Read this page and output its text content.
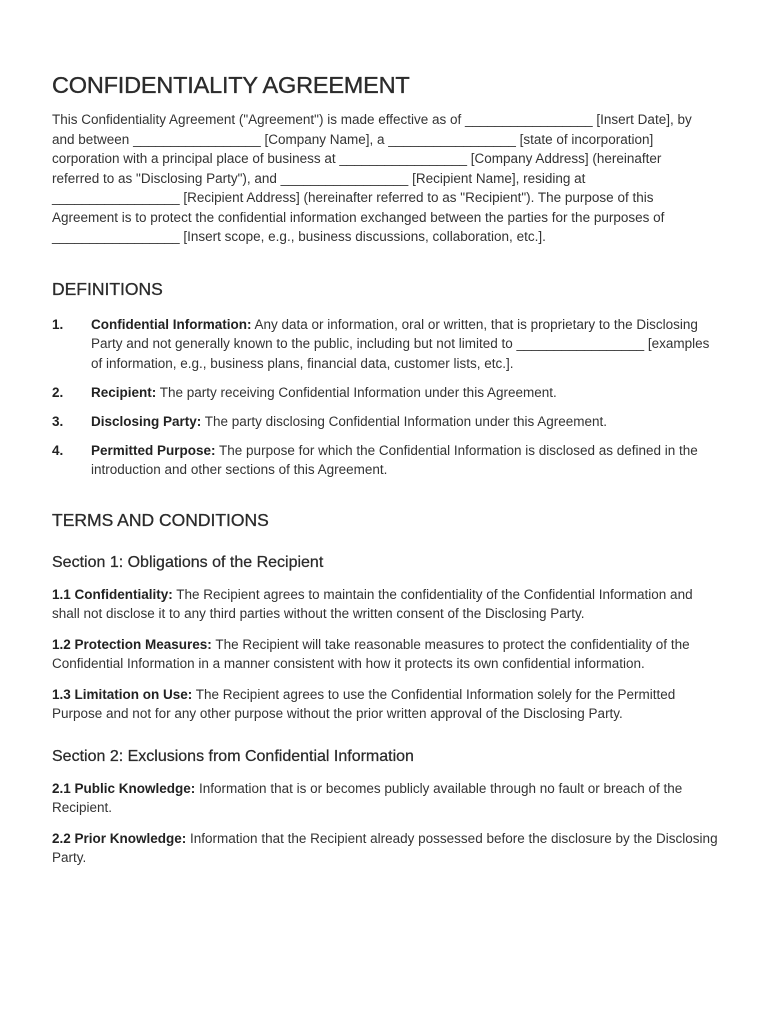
CONFIDENTIALITY AGREEMENT

This Confidentiality Agreement ("Agreement") is made effective as of _________________ [Insert Date], by and between _________________ [Company Name], a _________________ [state of incorporation] corporation with a principal place of business at _________________ [Company Address] (hereinafter referred to as "Disclosing Party"), and _________________ [Recipient Name], residing at _________________ [Recipient Address] (hereinafter referred to as "Recipient"). The purpose of this Agreement is to protect the confidential information exchanged between the parties for the purposes of _________________ [Insert scope, e.g., business discussions, collaboration, etc.].

DEFINITIONS
1.	Confidential Information: Any data or information, oral or written, that is proprietary to the Disclosing Party and not generally known to the public, including but not limited to _________________ [examples of information, e.g., business plans, financial data, customer lists, etc.].
2.	Recipient: The party receiving Confidential Information under this Agreement.
3.	Disclosing Party: The party disclosing Confidential Information under this Agreement.
4.	Permitted Purpose: The purpose for which the Confidential Information is disclosed as defined in the introduction and other sections of this Agreement.
TERMS AND CONDITIONS
Section 1: Obligations of the Recipient

1.1 Confidentiality: The Recipient agrees to maintain the confidentiality of the Confidential Information and shall not disclose it to any third parties without the written consent of the Disclosing Party.

1.2 Protection Measures: The Recipient will take reasonable measures to protect the confidentiality of the Confidential Information in a manner consistent with how it protects its own confidential information.

1.3 Limitation on Use: The Recipient agrees to use the Confidential Information solely for the Permitted Purpose and not for any other purpose without the prior written approval of the Disclosing Party.

Section 2: Exclusions from Confidential Information

2.1 Public Knowledge: Information that is or becomes publicly available through no fault or breach of the Recipient.

2.2 Prior Knowledge: Information that the Recipient already possessed before the disclosure by the Disclosing Party.
